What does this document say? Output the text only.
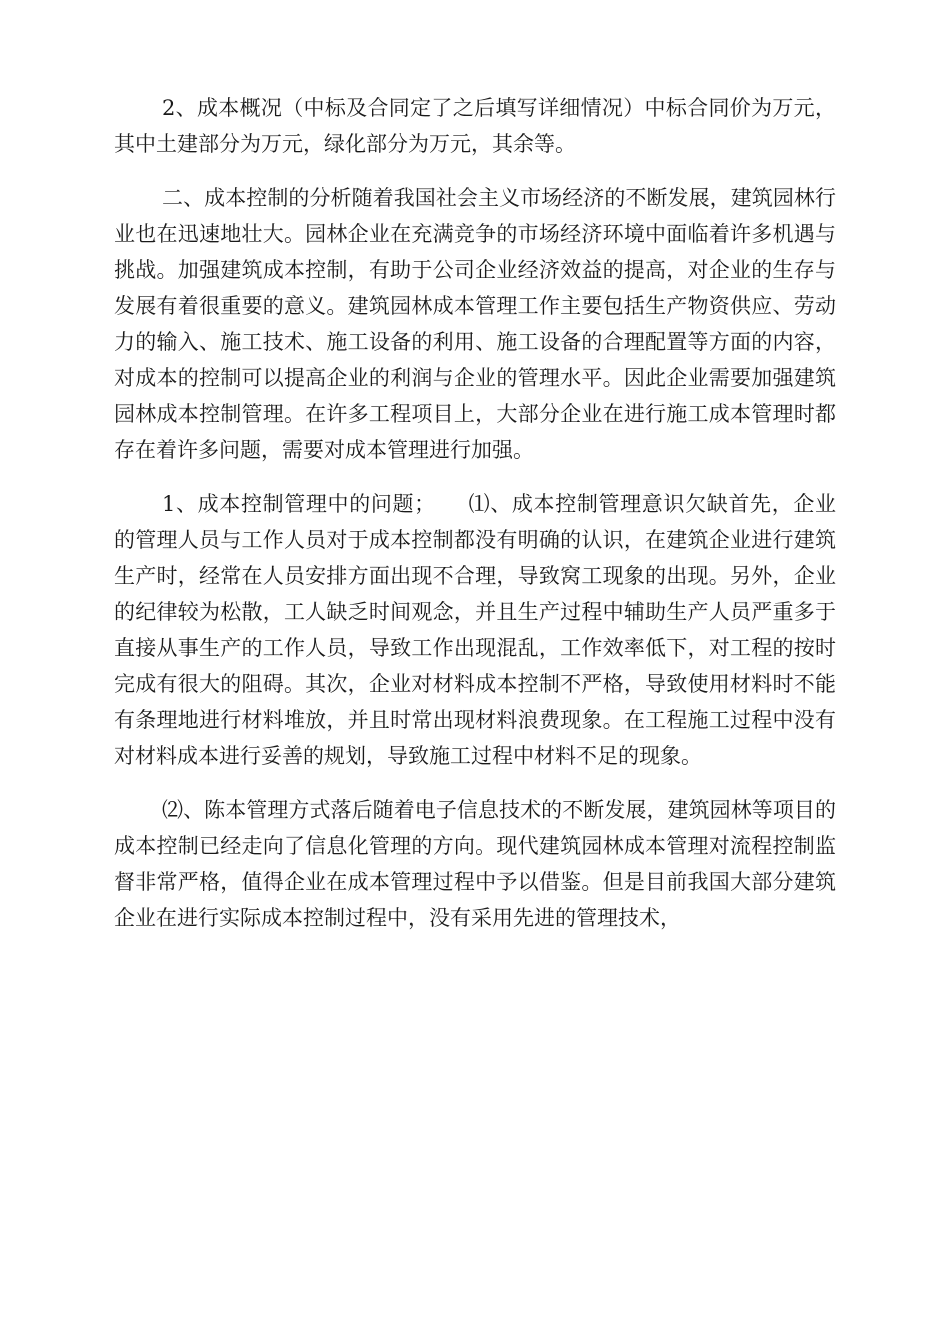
2、成本概况（中标及合同定了之后填写详细情况）中标合同价为万元，其中土建部分为万元，绿化部分为万元，其余等。

二、成本控制的分析随着我国社会主义市场经济的不断发展，建筑园林行业也在迅速地壮大。园林企业在充满竞争的市场经济环境中面临着许多机遇与挑战。加强建筑成本控制，有助于公司企业经济效益的提高，对企业的生存与发展有着很重要的意义。建筑园林成本管理工作主要包括生产物资供应、劳动力的输入、施工技术、施工设备的利用、施工设备的合理配置等方面的内容，对成本的控制可以提高企业的利润与企业的管理水平。因此企业需要加强建筑园林成本控制管理。在许多工程项目上，大部分企业在进行施工成本管理时都存在着许多问题，需要对成本管理进行加强。

1、成本控制管理中的问题；　　⑴、成本控制管理意识欠缺首先，企业的管理人员与工作人员对于成本控制都没有明确的认识，在建筑企业进行建筑生产时，经常在人员安排方面出现不合理，导致窝工现象的出现。另外，企业的纪律较为松散，工人缺乏时间观念，并且生产过程中辅助生产人员严重多于直接从事生产的工作人员，导致工作出现混乱，工作效率低下，对工程的按时完成有很大的阻碍。其次，企业对材料成本控制不严格，导致使用材料时不能有条理地进行材料堆放，并且时常出现材料浪费现象。在工程施工过程中没有对材料成本进行妥善的规划，导致施工过程中材料不足的现象。

⑵、陈本管理方式落后随着电子信息技术的不断发展，建筑园林等项目的成本控制已经走向了信息化管理的方向。现代建筑园林成本管理对流程控制监督非常严格，值得企业在成本管理过程中予以借鉴。但是目前我国大部分建筑企业在进行实际成本控制过程中，没有采用先进的管理技术，
